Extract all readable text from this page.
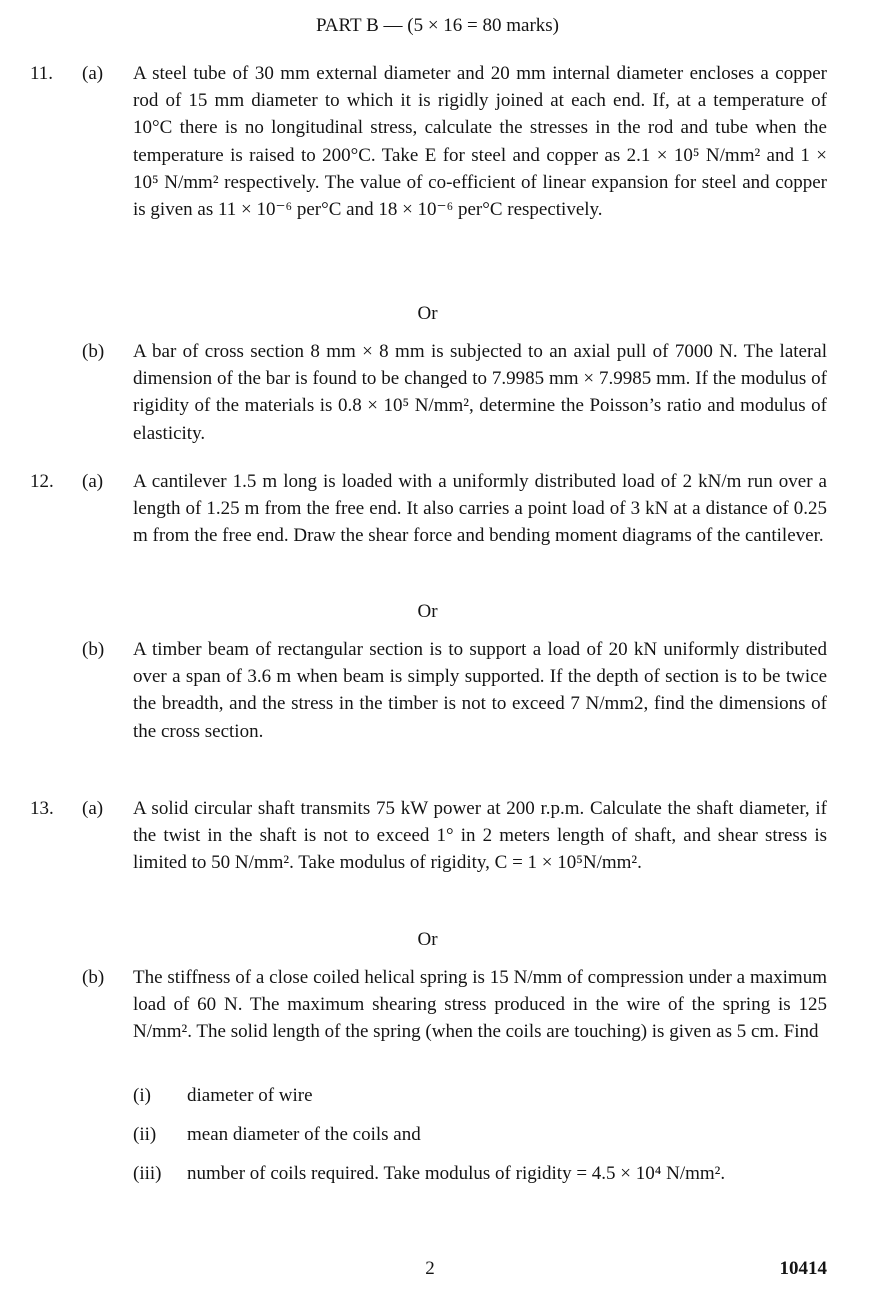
PART B — (5 × 16 = 80 marks)
11. (a) A steel tube of 30 mm external diameter and 20 mm internal diameter encloses a copper rod of 15 mm diameter to which it is rigidly joined at each end. If, at a temperature of 10°C there is no longitudinal stress, calculate the stresses in the rod and tube when the temperature is raised to 200°C. Take E for steel and copper as 2.1 × 10⁵ N/mm² and 1 × 10⁵ N/mm² respectively. The value of co-efficient of linear expansion for steel and copper is given as 11 × 10⁻⁶ per°C and 18 × 10⁻⁶ per°C respectively.
Or
(b) A bar of cross section 8 mm × 8 mm is subjected to an axial pull of 7000 N. The lateral dimension of the bar is found to be changed to 7.9985 mm × 7.9985 mm. If the modulus of rigidity of the materials is 0.8 × 10⁵ N/mm², determine the Poisson’s ratio and modulus of elasticity.
12. (a) A cantilever 1.5 m long is loaded with a uniformly distributed load of 2 kN/m run over a length of 1.25 m from the free end. It also carries a point load of 3 kN at a distance of 0.25 m from the free end. Draw the shear force and bending moment diagrams of the cantilever.
Or
(b) A timber beam of rectangular section is to support a load of 20 kN uniformly distributed over a span of 3.6 m when beam is simply supported. If the depth of section is to be twice the breadth, and the stress in the timber is not to exceed 7 N/mm2, find the dimensions of the cross section.
13. (a) A solid circular shaft transmits 75 kW power at 200 r.p.m. Calculate the shaft diameter, if the twist in the shaft is not to exceed 1° in 2 meters length of shaft, and shear stress is limited to 50 N/mm². Take modulus of rigidity, C = 1 × 10⁵N/mm².
Or
(b) The stiffness of a close coiled helical spring is 15 N/mm of compression under a maximum load of 60 N. The maximum shearing stress produced in the wire of the spring is 125 N/mm². The solid length of the spring (when the coils are touching) is given as 5 cm. Find
(i) diameter of wire
(ii) mean diameter of the coils and
(iii) number of coils required. Take modulus of rigidity = 4.5 × 10⁴ N/mm².
2	10414
